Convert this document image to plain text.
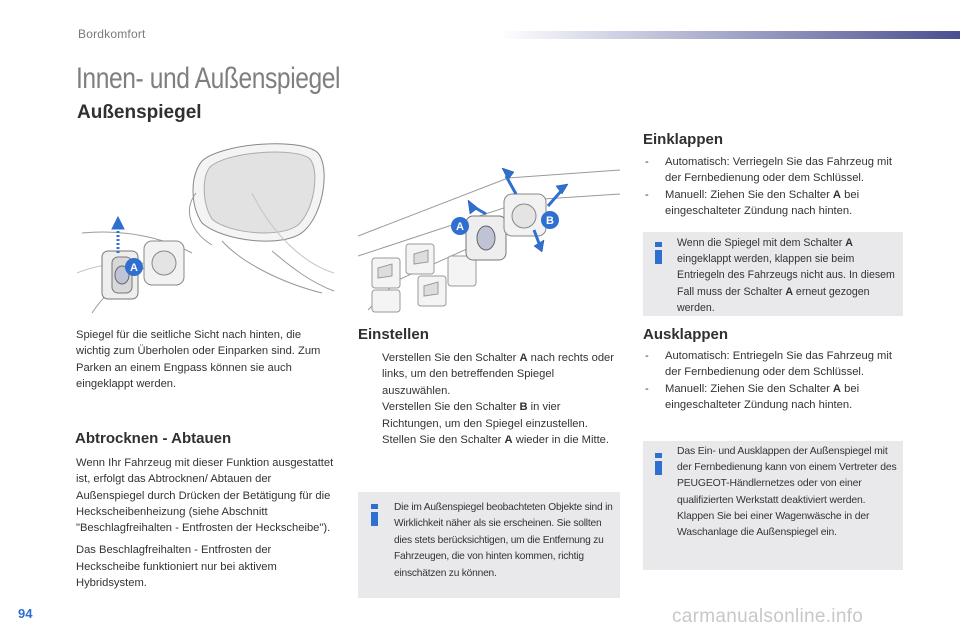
Bordkomfort
Innen- und Außenspiegel
Außenspiegel
A
A	B

Spiegel für die seitliche Sicht nach hinten, die wichtig zum Überholen oder Einparken sind. Zum Parken an einem Engpass können sie auch eingeklappt werden.

Abtrocknen - Abtauen

Wenn Ihr Fahrzeug mit dieser Funktion ausgestattet ist, erfolgt das Abtrocknen/ Abtauen der Außenspiegel durch Drücken der Betätigung für die Heckscheibenheizung (siehe Abschnitt "Beschlagfreihalten - Entfrosten der Heckscheibe").

Das Beschlagfreihalten - Entfrosten der Heckscheibe funktioniert nur bei aktivem Hybridsystem.

Einstellen
Verstellen Sie den Schalter A nach rechts oder links, um den betreffenden Spiegel auszuwählen.
Verstellen Sie den Schalter B in vier Richtungen, um den Spiegel einzustellen.
Stellen Sie den Schalter A wieder in die Mitte.
Die im Außenspiegel beobachteten Objekte sind in Wirklichkeit näher als sie erscheinen. Sie sollten dies stets berücksichtigen, um die Entfernung zu Fahrzeugen, die von hinten kommen, richtig einschätzen zu können.
Einklappen
- Automatisch: Verriegeln Sie das Fahrzeug mit der Fernbedienung oder dem Schlüssel.
- Manuell: Ziehen Sie den Schalter A bei eingeschalteter Zündung nach hinten.
Wenn die Spiegel mit dem Schalter A eingeklappt werden, klappen sie beim Entriegeln des Fahrzeugs nicht aus. In diesem Fall muss der Schalter A erneut gezogen werden.
Ausklappen
- Automatisch: Entriegeln Sie das Fahrzeug mit der Fernbedienung oder dem Schlüssel.
- Manuell: Ziehen Sie den Schalter A bei eingeschalteter Zündung nach hinten.
Das Ein- und Ausklappen der Außenspiegel mit der Fernbedienung kann von einem Vertreter des PEUGEOT-Händlernetzes oder von einer qualifizierten Werkstatt deaktiviert werden. Klappen Sie bei einer Wagenwäsche in der Waschanlage die Außenspiegel ein.
94	carmanualsonline.info
